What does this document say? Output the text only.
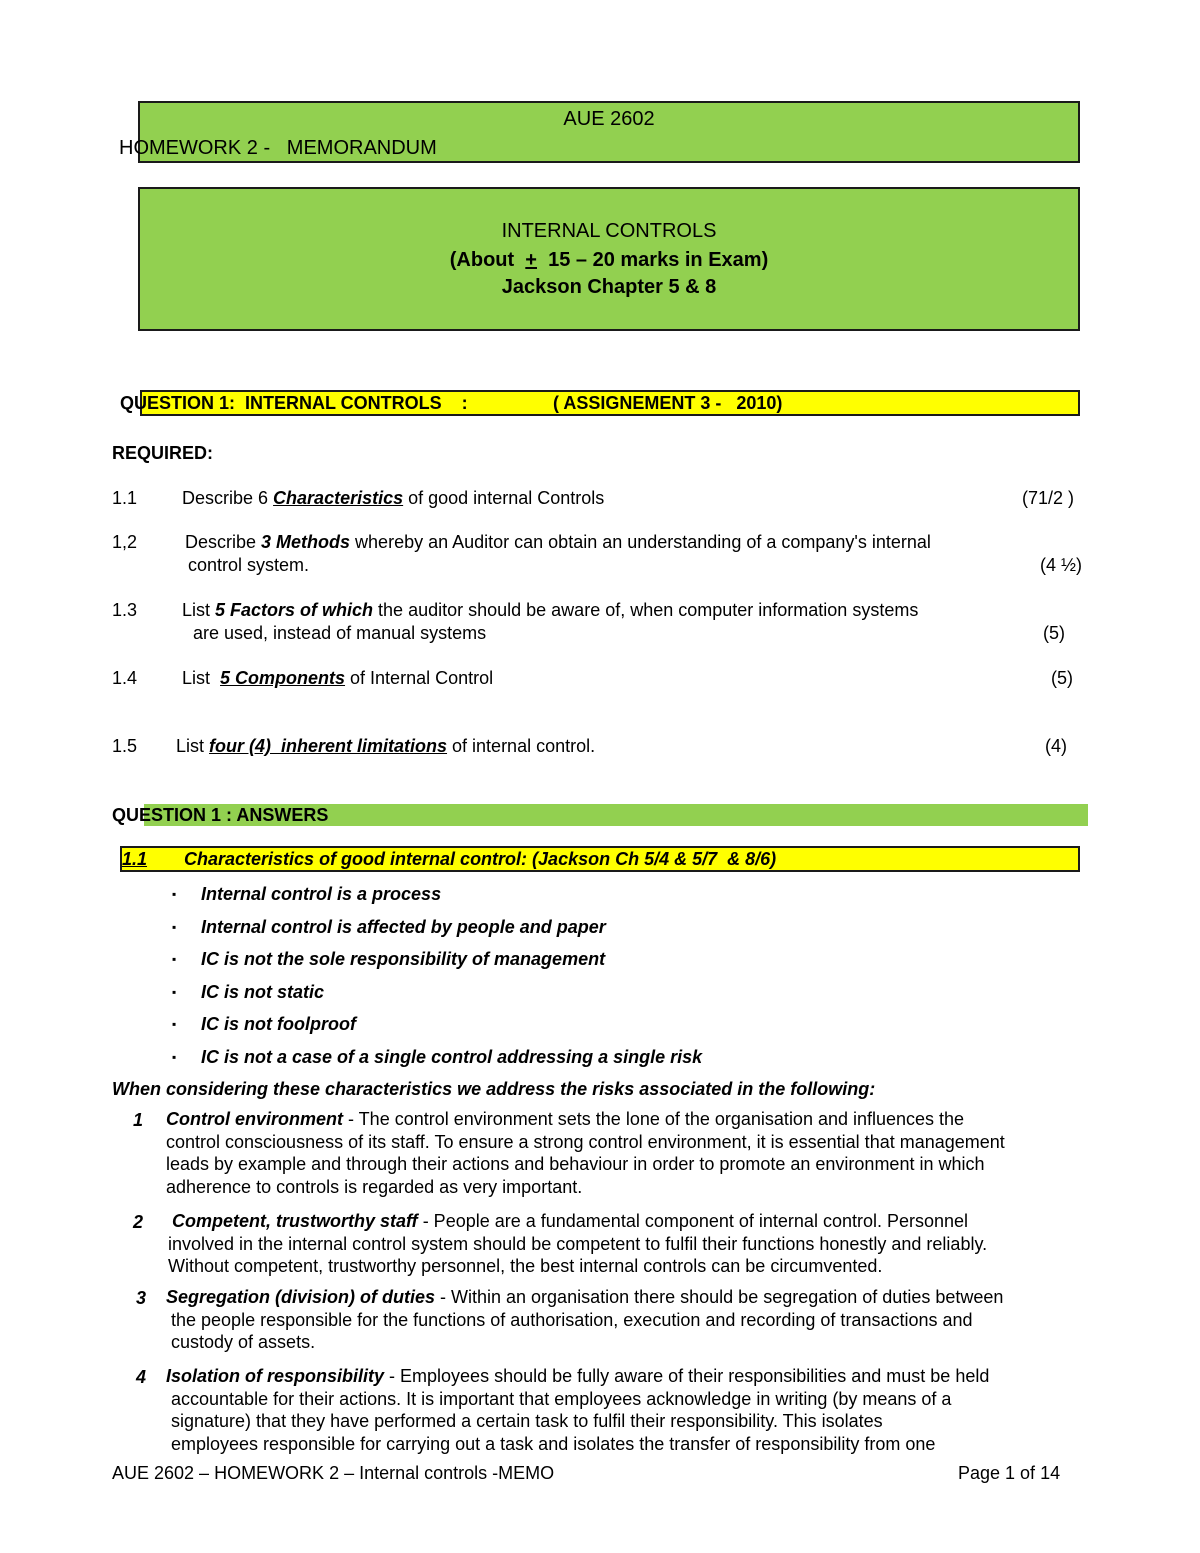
AUE 2602
HOMEWORK 2 -   MEMORANDUM
INTERNAL CONTROLS
(About  +  15 – 20 marks in Exam)
Jackson Chapter 5 & 8
QUESTION 1:  INTERNAL CONTROLS    :	( ASSIGNEMENT 3 -   2010)
REQUIRED:
1.1 Describe 6 Characteristics of good internal Controls	(71/2 )
1,2	Describe 3 Methods whereby an Auditor can obtain an understanding of a company's internal
control system.	(4 ½)
1.3 List 5 Factors of which the auditor should be aware of, when computer information systems
are used, instead of manual systems	(5)
1.4 List  5 Components of Internal Control	(5)
1.5 List four (4)  inherent limitations of internal control.	(4)
QUESTION 1 : ANSWERS
1.1 Characteristics of good internal control: (Jackson Ch 5/4 & 5/7  & 8/6)
▪ Internal control is a process
▪ Internal control is affected by people and paper
▪ IC is not the sole responsibility of management
▪ IC is not static
▪ IC is not foolproof
▪ IC is not a case of a single control addressing a single risk
When considering these characteristics we address the risks associated in the following:
1 Control environment - The control environment sets the lone of the organisation and influences the
control consciousness of its staff. To ensure a strong control environment, it is essential that management
leads by example and through their actions and behaviour in order to promote an environment in which
adherence to controls is regarded as very important.
2 Competent, trustworthy staff - People are a fundamental component of internal control. Personnel
involved in the internal control system should be competent to fulfil their functions honestly and reliably.
Without competent, trustworthy personnel, the best internal controls can be circumvented.
3 Segregation (division) of duties - Within an organisation there should be segregation of duties between
the people responsible for the functions of authorisation, execution and recording of transactions and
custody of assets.
4 Isolation of responsibility - Employees should be fully aware of their responsibilities and must be held
accountable for their actions. It is important that employees acknowledge in writing (by means of a
signature) that they have performed a certain task to fulfil their responsibility. This isolates
employees responsible for carrying out a task and isolates the transfer of responsibility from one
AUE 2602 – HOMEWORK 2 – Internal controls -MEMO	Page 1 of 14
